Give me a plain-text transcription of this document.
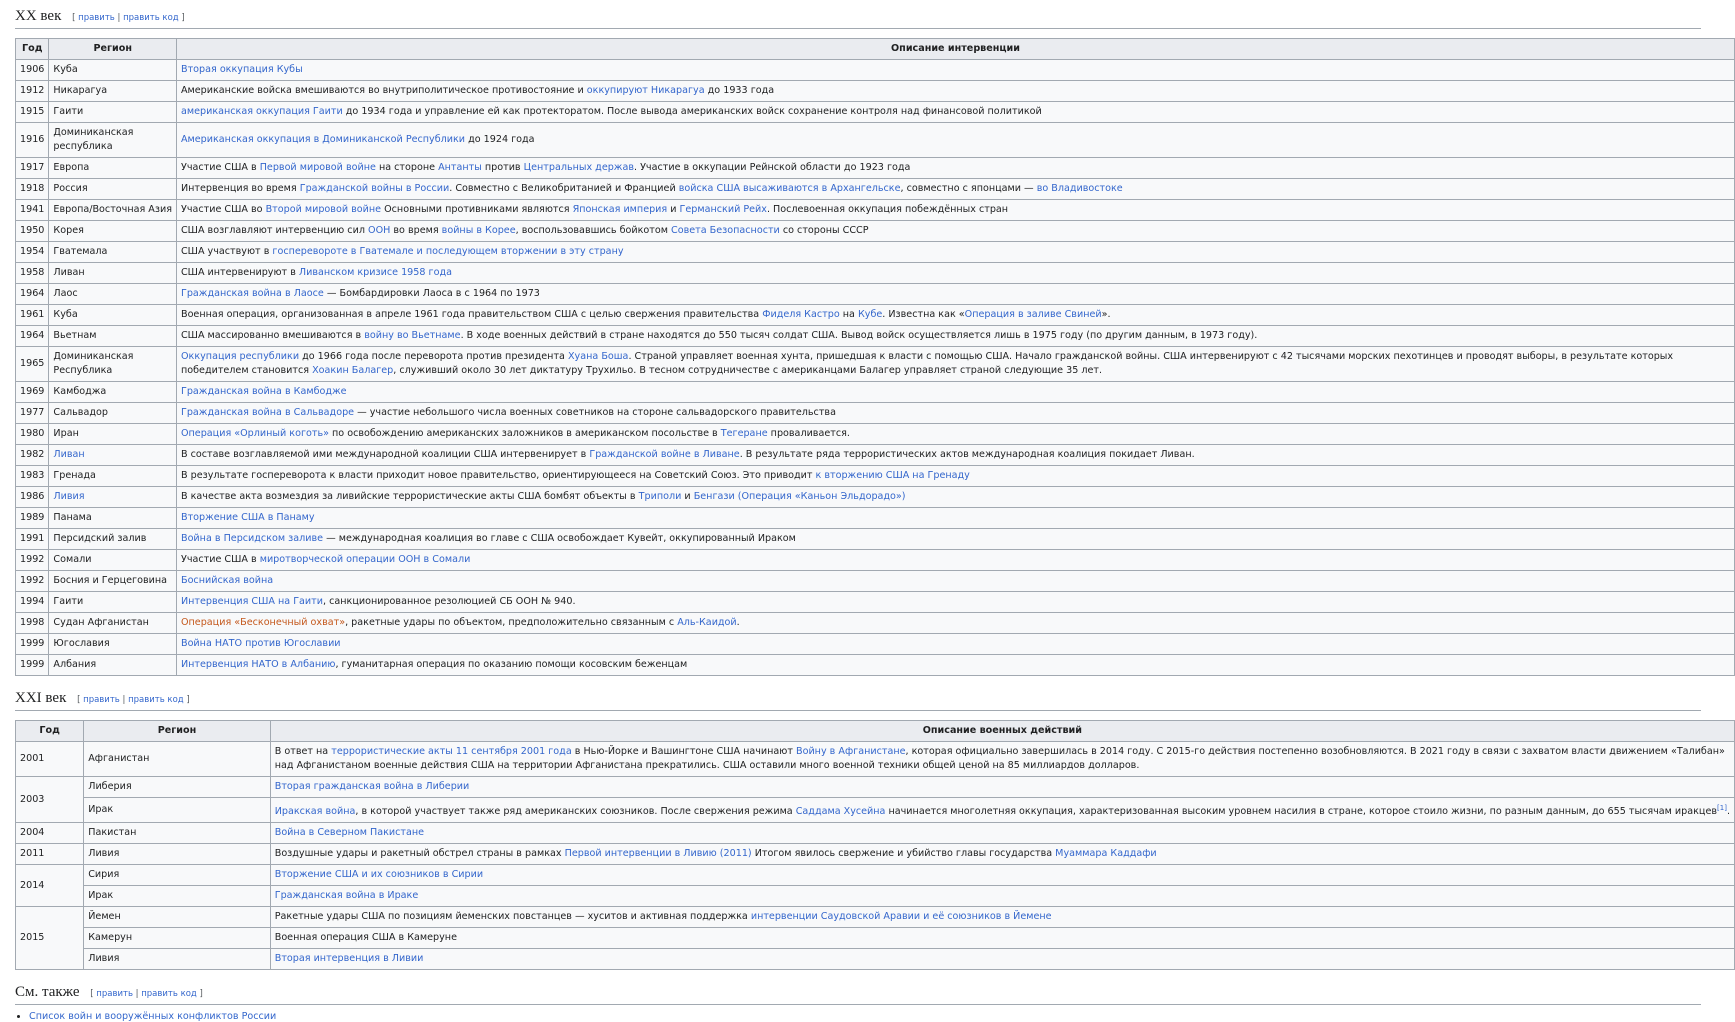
XX век [ править | править код ]
Год	Регион	Описание интервенции
1906	Куба	Вторая оккупация Кубы
1912	Никарагуа	Американские войска вмешиваются во внутриполитическое противостояние и оккупируют Никарагуа до 1933 года
1915	Гаити	американская оккупация Гаити до 1934 года и управление ей как протекторатом. После вывода американских войск сохранение контроля над финансовой политикой
1916	Доминиканская республика	Американская оккупация в Доминиканской Республики до 1924 года
1917	Европа	Участие США в Первой мировой войне на стороне Антанты против Центральных держав. Участие в оккупации Рейнской области до 1923 года
1918	Россия	Интервенция во время Гражданской войны в России. Совместно с Великобританией и Францией войска США высаживаются в Архангельске, совместно с японцами — во Владивостоке
1941	Европа/Восточная Азия	Участие США во Второй мировой войне Основными противниками являются Японская империя и Германский Рейх. Послевоенная оккупация побеждённых стран
1950	Корея	США возглавляют интервенцию сил ООН во время войны в Корее, воспользовавшись бойкотом Совета Безопасности со стороны СССР
1954	Гватемала	США участвуют в госперевороте в Гватемале и последующем вторжении в эту страну
1958	Ливан	США интервенируют в Ливанском кризисе 1958 года
1964	Лаос	Гражданская война в Лаосе — Бомбардировки Лаоса в с 1964 по 1973
1961	Куба	Военная операция, организованная в апреле 1961 года правительством США с целью свержения правительства Фиделя Кастро на Кубе. Известна как «Операция в заливе Свиней».
1964	Вьетнам	США массированно вмешиваются в войну во Вьетнаме. В ходе военных действий в стране находятся до 550 тысяч солдат США. Вывод войск осуществляется лишь в 1975 году (по другим данным, в 1973 году).
1965	Доминиканская Республика	Оккупация республики до 1966 года после переворота против президента Хуана Боша. Страной управляет военная хунта, пришедшая к власти с помощью США. Начало гражданской войны. США интервенируют с 42 тысячами морских пехотинцев и проводят выборы, в результате которых победителем становится Хоакин Балагер, служивший около 30 лет диктатуру Трухильо. В тесном сотрудничестве с американцами Балагер управляет страной следующие 35 лет.
1969	Камбоджа	Гражданская война в Камбодже
1977	Сальвадор	Гражданская война в Сальвадоре — участие небольшого числа военных советников на стороне сальвадорского правительства
1980	Иран	Операция «Орлиный коготь» по освобождению американских заложников в американском посольстве в Тегеране проваливается.
1982	Ливан	В составе возглавляемой ими международной коалиции США интервенирует в Гражданской войне в Ливане. В результате ряда террористических актов международная коалиция покидает Ливан.
1983	Гренада	В результате госпереворота к власти приходит новое правительство, ориентирующееся на Советский Союз. Это приводит к вторжению США на Гренаду
1986	Ливия	В качестве акта возмездия за ливийские террористические акты США бомбят объекты в Триполи и Бенгази (Операция «Каньон Эльдорадо»)
1989	Панама	Вторжение США в Панаму
1991	Персидский залив	Война в Персидском заливе — международная коалиция во главе с США освобождает Кувейт, оккупированный Ираком
1992	Сомали	Участие США в миротворческой операции ООН в Сомали
1992	Босния и Герцеговина	Боснийская война
1994	Гаити	Интервенция США на Гаити, санкционированное резолюцией СБ ООН № 940.
1998	Судан Афганистан	Операция «Бесконечный охват», ракетные удары по объектом, предположительно связанным с Аль-Каидой.
1999	Югославия	Война НАТО против Югославии
1999	Албания	Интервенция НАТО в Албанию, гуманитарная операция по оказанию помощи косовским беженцам
XXI век [ править | править код ]
Год	Регион	Описание военных действий
2001	Афганистан	В ответ на террористические акты 11 сентября 2001 года в Нью-Йорке и Вашингтоне США начинают Войну в Афганистане, которая официально завершилась в 2014 году. С 2015-го действия постепенно возобновляются. В 2021 году в связи с захватом власти движением «Талибан» над Афганистаном военные действия США на территории Афганистана прекратились. США оставили много военной техники общей ценой на 85 миллиардов долларов.
2003	Либерия	Вторая гражданская война в Либерии
	Ирак	Иракская война, в которой участвует также ряд американских союзников. После свержения режима Саддама Хусейна начинается многолетняя оккупация, характеризованная высоким уровнем насилия в стране, которое стоило жизни, по разным данным, до 655 тысячам иракцев[1].
2004	Пакистан	Война в Северном Пакистане
2011	Ливия	Воздушные удары и ракетный обстрел страны в рамках Первой интервенции в Ливию (2011) Итогом явилось свержение и убийство главы государства Муаммара Каддафи
2014	Сирия	Вторжение США и их союзников в Сирии
	Ирак	Гражданская война в Ираке
2015	Йемен	Ракетные удары США по позициям йеменских повстанцев — хуситов и активная поддержка интервенции Саудовской Аравии и её союзников в Йемене
	Камерун	Военная операция США в Камеруне
	Ливия	Вторая интервенция в Ливии
См. также [ править | править код ]
• Список войн и вооружённых конфликтов России
